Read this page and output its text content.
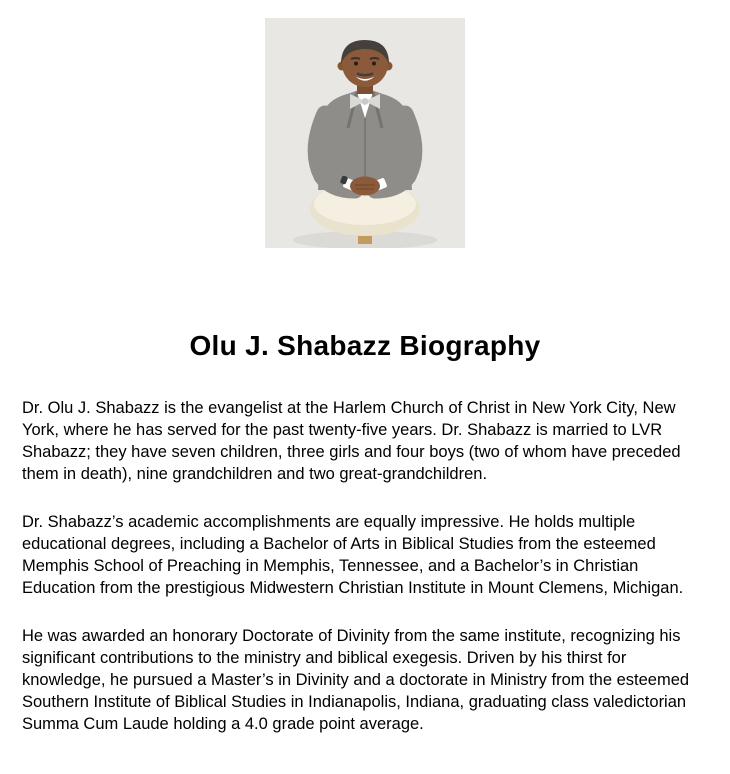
Olu J. Shabazz Biography

Dr. Olu J. Shabazz is the evangelist at the Harlem Church of Christ in New York City, New York, where he has served for the past twenty-five years. Dr. Shabazz is married to LVR Shabazz; they have seven children, three girls and four boys (two of whom have preceded them in death), nine grandchildren and two great-grandchildren.

Dr. Shabazz’s academic accomplishments are equally impressive. He holds multiple educational degrees, including a Bachelor of Arts in Biblical Studies from the esteemed Memphis School of Preaching in Memphis, Tennessee, and a Bachelor’s in Christian Education from the prestigious Midwestern Christian Institute in Mount Clemens, Michigan.

He was awarded an honorary Doctorate of Divinity from the same institute, recognizing his significant contributions to the ministry and biblical exegesis. Driven by his thirst for knowledge, he pursued a Master’s in Divinity and a doctorate in Ministry from the esteemed Southern Institute of Biblical Studies in Indianapolis, Indiana, graduating class valedictorian Summa Cum Laude holding a 4.0 grade point average.
